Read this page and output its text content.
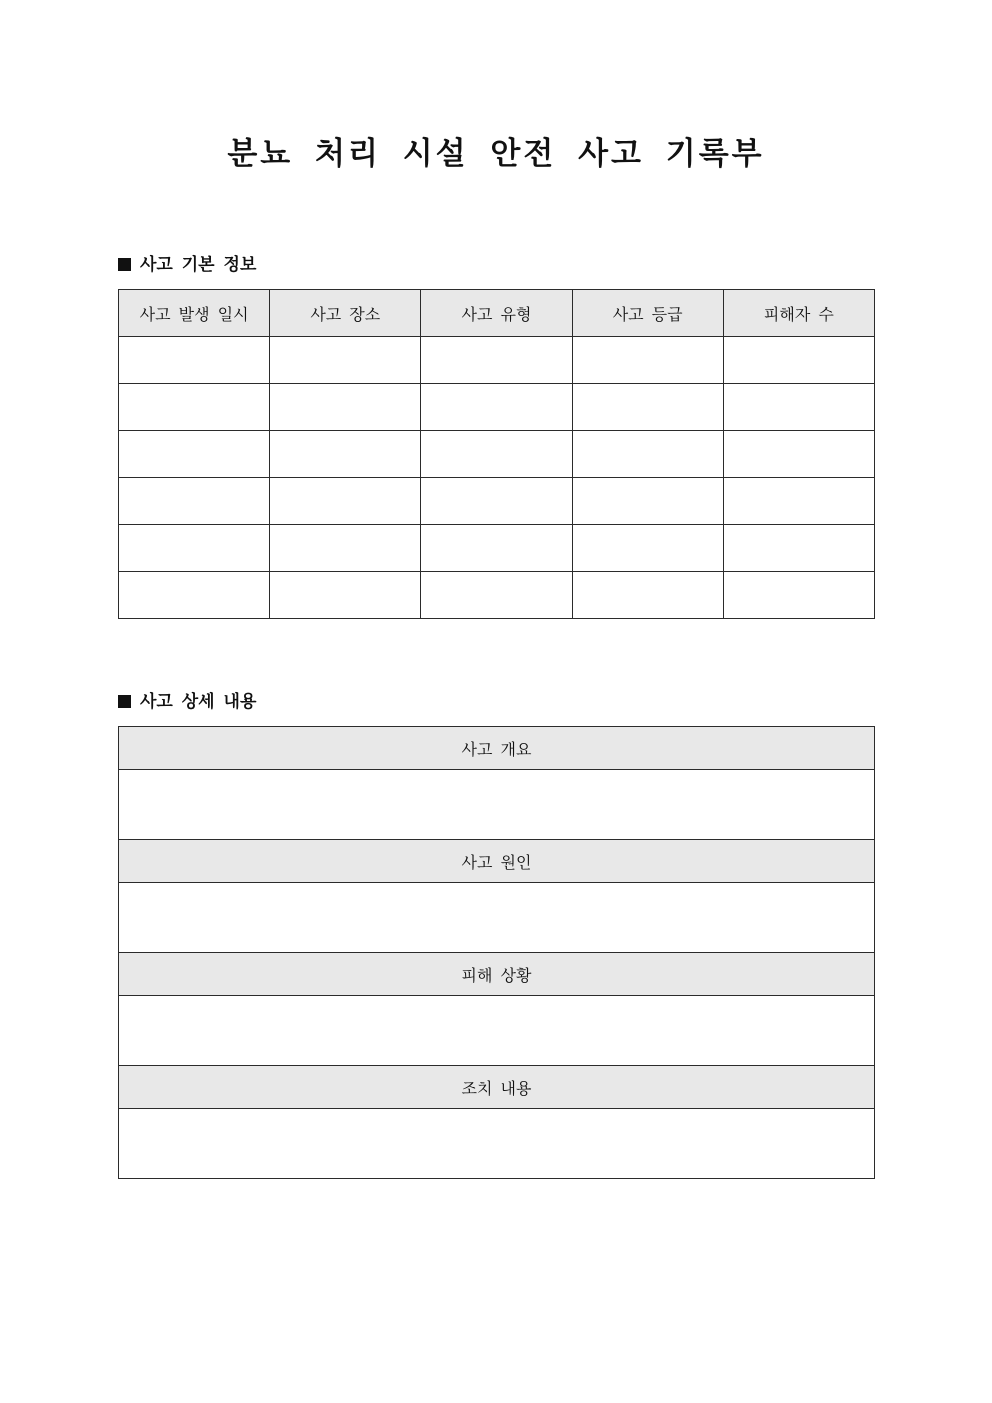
분뇨 처리 시설 안전 사고 기록부
사고 기본 정보
사고 발생 일시	사고 장소	사고 유형	사고 등급	피해자 수

사고 상세 내용
사고 개요

사고 원인

피해 상황

조치 내용
